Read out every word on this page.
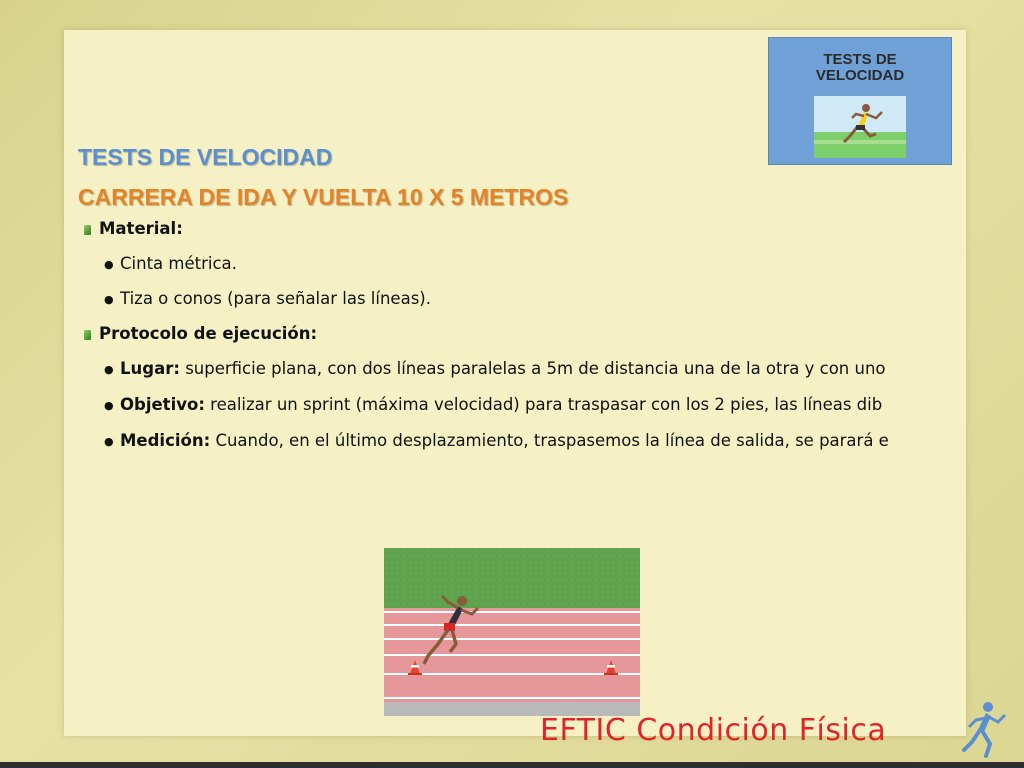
TESTS DE
VELOCIDAD
TESTS DE VELOCIDAD
CARRERA DE IDA Y VUELTA 10 X 5 METROS
Material:
● Cinta métrica.
● Tiza o conos (para señalar las líneas).
Protocolo de ejecución:
● Lugar: superficie plana, con dos líneas paralelas a 5m de distancia una de la otra y con uno
● Objetivo: realizar un sprint (máxima velocidad) para traspasar con los 2 pies, las líneas dib
● Medición: Cuando, en el último desplazamiento, traspasemos la línea de salida, se parará e
EFTIC Condición Física
